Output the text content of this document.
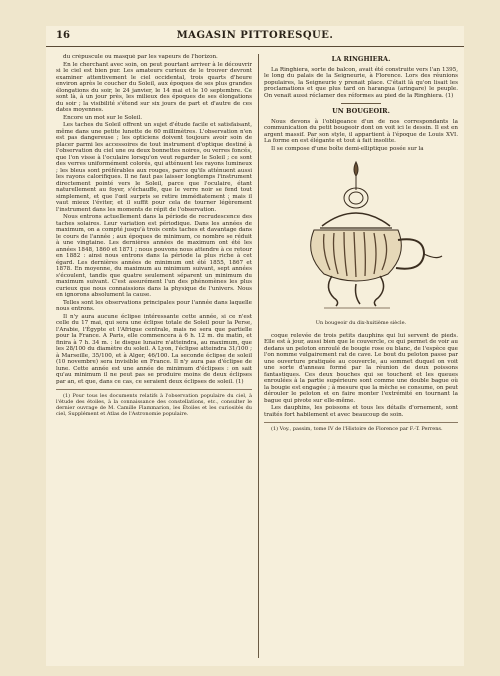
16	MAGASIN PITTORESQUE.

du crépuscule ou masqué par les vapeurs de l'horizon.

En le cherchant avec soin, on peut pourtant arriver à le découvrir si le ciel est bien pur. Les amateurs curieux de le trouver devront examiner attentivement le ciel occidental, trois quarts d'heure environ après le coucher du Soleil, aux époques de ses plus grandes élongations du soir, le 24 janvier, le 14 mai et le 10 septembre. Ce sont là, à un jour près, les milieux des époques de ses élongations du soir ; la visibilité s'étend sur six jours de part et d'autre de ces dates moyennes.

Encore un mot sur le Soleil.

Les taches du Soleil offrent un sujet d'étude facile et satisfaisant, même dans une petite lunette de 60 millimètres. L'observation n'en est pas dangereuse ; les opticiens doivent toujours avoir soin de placer parmi les accessoires de tout instrument d'optique destiné à l'observation du ciel une ou deux bonnettes noires, ou verres foncés, que l'on visse à l'oculaire lorsqu'on veut regarder le Soleil ; ce sont des verres uniformément colorés, qui atténuent les rayons lumineux ; les bleus sont préférables aux rouges, parce qu'ils atténuent aussi les rayons calorifiques. Il ne faut pas laisser longtemps l'instrument directement pointé vers le Soleil, parce que l'oculaire, étant naturellement au foyer, s'échauffe, que le verre noir se fend tout simplement, et que l'œil surpris se retire immédiatement ; mais il vaut mieux l'éviter, et il suffit pour cela de tourner légèrement l'instrument dans les moments de répit de l'observation.

Nous entrons actuellement dans la période de recrudescence des taches solaires. Leur variation est périodique. Dans les années de maximum, on a compté jusqu'à trois cents taches et davantage dans le cours de l'année ; aux époques de minimum, ce nombre se réduit à une vingtaine. Les dernières années de maximum ont été les années 1848, 1860 et 1871 ; nous pouvons nous attendre à ce retour en 1882 : ainsi nous entrons dans la période la plus riche à cet égard. Les dernières années de minimum ont été 1855, 1867 et 1878. En moyenne, du maximum au minimum suivant, sept années s'écoulent, tandis que quatre seulement séparent un minimum du maximum suivant. C'est assurément l'un des phénomènes les plus curieux que nous connaissions dans la physique de l'univers. Nous en ignorons absolument la cause.

Telles sont les observations principales pour l'année dans laquelle nous entrons.

Il n'y aura aucune éclipse intéressante cette année, si ce n'est celle du 17 mai, qui sera une éclipse totale de Soleil pour la Perse, l'Arabie, l'Égypte et l'Afrique centrale, mais ne sera que partielle pour la France. A Paris, elle commencera à 6 h. 12 m. du matin, et finira à 7 h. 34 m. : le disque lunaire n'atteindra, au maximum, que les 28/100 du diamètre du soleil. A Lyon, l'éclipse atteindra 31/100 ; à Marseille, 35/100, et à Alger, 46/100. La seconde éclipse de soleil (10 novembre) sera invisible en France. Il n'y aura pas d'éclipse de lune. Cette année est une année de minimum d'éclipses : on sait qu'au minimum il ne peut pas se produire moins de deux éclipses par an, et que, dans ce cas, ce seraient deux éclipses de soleil. (1)

(1) Pour tous les documents relatifs à l'observation populaire du ciel, à l'étude des étoiles, à la connaissance des constellations, etc., consulter le dernier ouvrage de M. Camille Flammarion, les Étoiles et les curiosités du ciel, Supplément et Atlas de l'Astronomie populaire.

LA RINGHIERA.

La Ringhiera, sorte de balcon, avait été construite vers l'an 1395, le long du palais de la Seigneurie, à Florence. Lors des réunions populaires, la Seigneurie y prenait place. C'était là qu'on lisait les proclamations et que plus tard on harangua (aringare) le peuple. On venait aussi réclamer des réformes au pied de la Ringhiera. (1)

UN BOUGEOIR.

Nous devons à l'obligeance d'un de nos correspondants la communication du petit bougeoir dont on voit ici le dessin. Il est en argent massif. Par son style, il appartient à l'époque de Louis XVI. La forme en est élégante et tout à fait insolite.

Il se compose d'une boîte demi-elliptique posée sur la

Un bougeoir du dix-huitième siècle.

coque relevée de trois petits dauphins qui lui servent de pieds. Elle est à jour, aussi bien que le couvercle, ce qui permet de voir au dedans un peloton enroulé de bougie rose ou blanc, de l'espèce que l'on nomme vulgairement rat de cave. Le bout du peloton passe par une ouverture pratiquée au couvercle, au sommet duquel on voit une sorte d'anneau formé par la réunion de deux poissons fantastiques. Ces deux bouches qui se touchent et les queues enroulées à la partie supérieure sont comme une double bague où la bougie est engagée ; à mesure que la mèche se consume, on peut dérouler le peloton et en faire monter l'extrémité en tournant la bague qui pivote sur elle-même.

Les dauphins, les poissons et tous les détails d'ornement, sont traités fort habilement et avec beaucoup de soin.

(1) Voy., passim, tome IV de l'Histoire de Florence par F.-T. Perrens.
